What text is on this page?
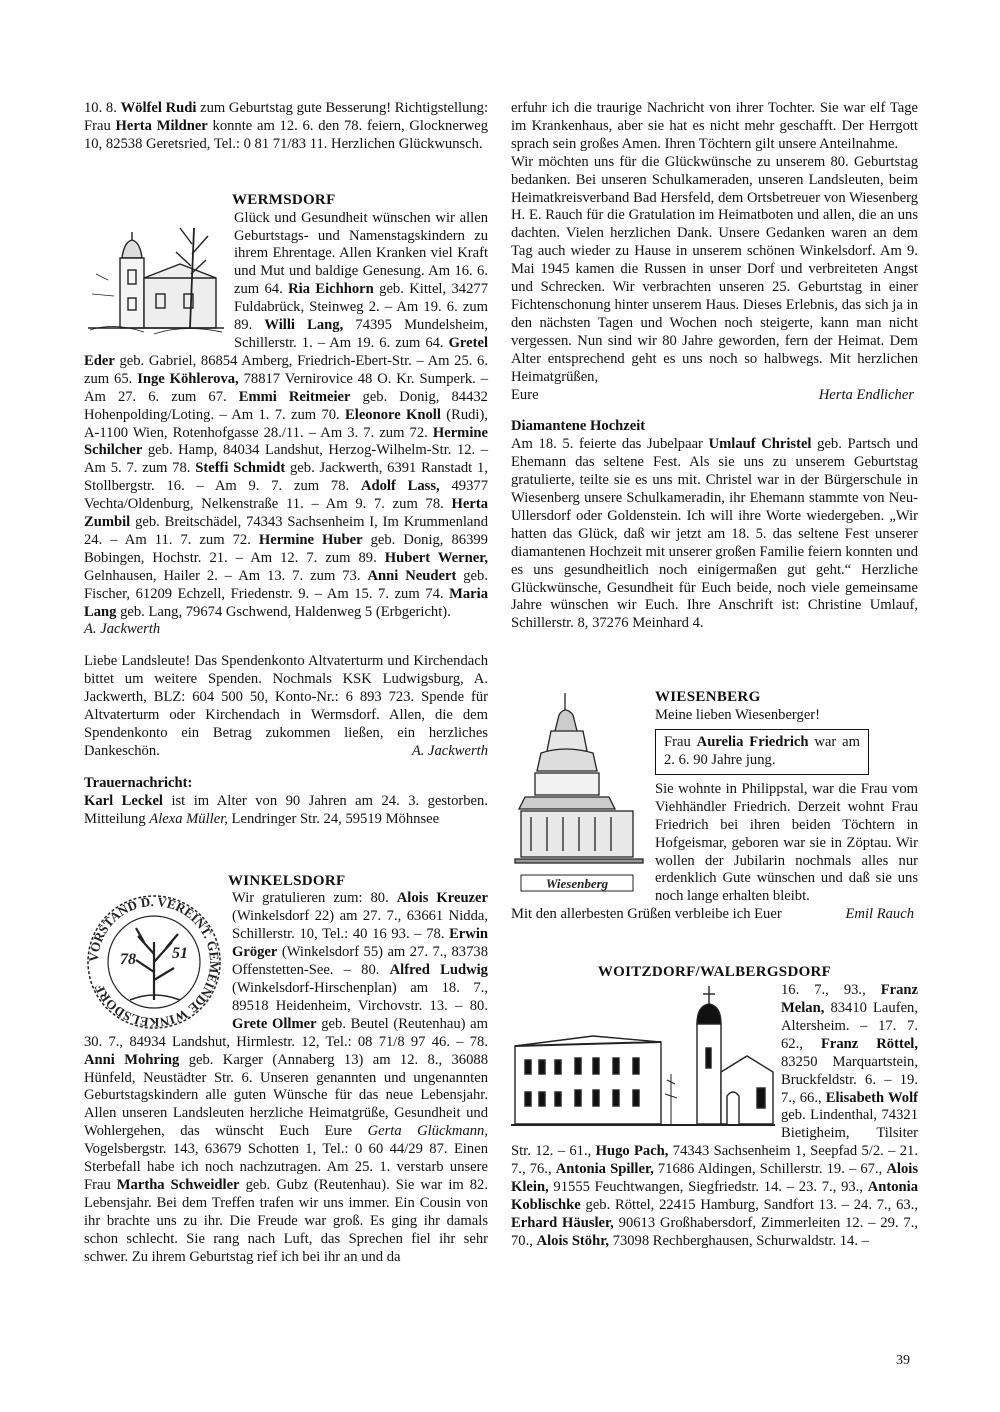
10. 8. Wölfel Rudi zum Geburtstag gute Besserung! Richtigstellung: Frau Herta Mildner konnte am 12. 6. den 78. feiern, Glocknerweg 10, 82538 Geretsried, Tel.: 0 81 71/83 11. Herzlichen Glückwunsch.

WERMSDORF

Glück und Gesundheit wünschen wir allen Geburtstags- und Namenstagskindern zu ihrem Ehrentage. Allen Kranken viel Kraft und Mut und baldige Genesung. Am 16. 6. zum 64. Ria Eichhorn geb. Kittel, 34277 Fuldabrück, Steinweg 2. – Am 19. 6. zum 89. Willi Lang, 74395 Mundelsheim, Schillerstr. 1. – Am 19. 6. zum 64. Gretel Eder geb. Gabriel, 86854 Amberg, Friedrich-Ebert-Str. – Am 25. 6. zum 65. Inge Köhlerova, 78817 Vernirovice 48 O. Kr. Sumperk. – Am 27. 6. zum 67. Emmi Reitmeier geb. Donig, 84432 Hohenpolding/Loting. – Am 1. 7. zum 70. Eleonore Knoll (Rudi), A-1100 Wien, Rotenhofgasse 28./11. – Am 3. 7. zum 72. Hermine Schilcher geb. Hamp, 84034 Landshut, Herzog-Wilhelm-Str. 12. – Am 5. 7. zum 78. Steffi Schmidt geb. Jackwerth, 6391 Ranstadt 1, Stollbergstr. 16. – Am 9. 7. zum 78. Adolf Lass, 49377 Vechta/Oldenburg, Nelkenstraße 11. – Am 9. 7. zum 78. Herta Zumbil geb. Breitschädel, 74343 Sachsenheim I, Im Krummenland 24. – Am 11. 7. zum 72. Hermine Huber geb. Donig, 86399 Bobingen, Hochstr. 21. – Am 12. 7. zum 89. Hubert Werner, Gelnhausen, Hailer 2. – Am 13. 7. zum 73. Anni Neudert geb. Fischer, 61209 Echzell, Friedenstr. 9. – Am 15. 7. zum 74. Maria Lang geb. Lang, 79674 Gschwend, Haldenweg 5 (Erbgericht).

A. Jackwerth

Liebe Landsleute! Das Spendenkonto Altvaterturm und Kirchendach bittet um weitere Spenden. Nochmals KSK Ludwigsburg, A. Jackwerth, BLZ: 604 500 50, Konto-Nr.: 6 893 723. Spende für Altvaterturm oder Kirchendach in Wermsdorf. Allen, die dem Spendenkonto ein Betrag zukommen ließen, ein herzliches Dankeschön.	A. Jackwerth

Trauernachricht:

Karl Leckel ist im Alter von 90 Jahren am 24. 3. gestorben. Mitteilung Alexa Müller, Lendringer Str. 24, 59519 Möhnsee

WINKELSDORF
VORSTAND D. VEREINT. GEMEINDE WINKELSDORF
78 51

Wir gratulieren zum: 80. Alois Kreuzer (Winkelsdorf 22) am 27. 7., 63661 Nidda, Schillerstr. 10, Tel.: 40 16 93. – 78. Erwin Gröger (Winkelsdorf 55) am 27. 7., 83738 Offenstetten-See. – 80. Alfred Ludwig (Winkelsdorf-Hirschenplan) am 18. 7., 89518 Heidenheim, Virchovstr. 13. – 80. Grete Ollmer geb. Beutel (Reutenhau) am 30. 7., 84934 Landshut, Hirmlestr. 12, Tel.: 08 71/8 97 46. – 78. Anni Mohring geb. Karger (Annaberg 13) am 12. 8., 36088 Hünfeld, Neustädter Str. 6. Unseren genannten und ungenannten Geburtstagskindern alle guten Wünsche für das neue Lebensjahr. Allen unseren Landsleuten herzliche Heimatgrüße, Gesundheit und Wohlergehen, das wünscht Euch Eure Gerta Glückmann, Vogelsbergstr. 143, 63679 Schotten 1, Tel.: 0 60 44/29 87. Einen Sterbefall habe ich noch nachzutragen. Am 25. 1. verstarb unsere Frau Martha Schweidler geb. Gubz (Reutenhau). Sie war im 82. Lebensjahr. Bei dem Treffen trafen wir uns immer. Ein Cousin von ihr brachte uns zu ihr. Die Freude war groß. Es ging ihr damals schon schlecht. Sie rang nach Luft, das Sprechen fiel ihr sehr schwer. Zu ihrem Geburtstag rief ich bei ihr an und da

erfuhr ich die traurige Nachricht von ihrer Tochter. Sie war elf Tage im Krankenhaus, aber sie hat es nicht mehr geschafft. Der Herrgott sprach sein großes Amen. Ihren Töchtern gilt unsere Anteilnahme.

Wir möchten uns für die Glückwünsche zu unserem 80. Geburtstag bedanken. Bei unseren Schulkameraden, unseren Landsleuten, beim Heimatkreisverband Bad Hersfeld, dem Ortsbetreuer von Wiesenberg H. E. Rauch für die Gratulation im Heimatboten und allen, die an uns dachten. Vielen herzlichen Dank. Unsere Gedanken waren an dem Tag auch wieder zu Hause in unserem schönen Winkelsdorf. Am 9. Mai 1945 kamen die Russen in unser Dorf und verbreiteten Angst und Schrecken. Wir verbrachten unseren 25. Geburtstag in einer Fichtenschonung hinter unserem Haus. Dieses Erlebnis, das sich ja in den nächsten Tagen und Wochen noch steigerte, kann man nicht vergessen. Nun sind wir 80 Jahre geworden, fern der Heimat. Dem Alter entsprechend geht es uns noch so halbwegs. Mit herzlichen Heimatgrüßen,

Eure	Herta Endlicher

Diamantene Hochzeit

Am 18. 5. feierte das Jubelpaar Umlauf Christel geb. Partsch und Ehemann das seltene Fest. Als sie uns zu unserem Geburtstag gratulierte, teilte sie es uns mit. Christel war in der Bürgerschule in Wiesenberg unsere Schulkameradin, ihr Ehemann stammte von Neu-Ullersdorf oder Goldenstein. Ich will ihre Worte wiedergeben. „Wir hatten das Glück, daß wir jetzt am 18. 5. das seltene Fest unserer diamantenen Hochzeit mit unserer großen Familie feiern konnten und es uns gesundheitlich noch einigermaßen gut geht.“ Herzliche Glückwünsche, Gesundheit für Euch beide, noch viele gemeinsame Jahre wünschen wir Euch. Ihre Anschrift ist: Christine Umlauf, Schillerstr. 8, 37276 Meinhard 4.

Wiesenberg
WIESENBERG
Meine lieben Wiesenberger!
Frau Aurelia Friedrich war am 2. 6. 90 Jahre jung.

Sie wohnte in Philippstal, war die Frau vom Viehhändler Friedrich. Derzeit wohnt Frau Friedrich bei ihren beiden Töchtern in Hofgeismar, geboren war sie in Zöptau. Wir wollen der Jubilarin nochmals alles nur erdenklich Gute wünschen und daß sie uns noch lange erhalten bleibt.

Mit den allerbesten Grüßen verbleibe ich Euer	Emil Rauch
WOITZDORF/WALBERGSDORF

16. 7., 93., Franz Melan, 83410 Laufen, Altersheim. – 17. 7. 62., Franz Röttel, 83250 Marquartstein, Bruckfeldstr. 6. – 19. 7., 66., Elisabeth Wolf geb. Lindenthal, 74321 Bietigheim, Tilsiter Str. 12. – 61., Hugo Pach, 74343 Sachsenheim 1, Seepfad 5/2. – 21. 7., 76., Antonia Spiller, 71686 Aldingen, Schillerstr. 19. – 67., Alois Klein, 91555 Feuchtwangen, Siegfriedstr. 14. – 23. 7., 93., Antonia Koblischke geb. Röttel, 22415 Hamburg, Sandfort 13. – 24. 7., 63., Erhard Häusler, 90613 Großhabersdorf, Zimmerleiten 12. – 29. 7., 70., Alois Stöhr, 73098 Rechberghausen, Schurwaldstr. 14. –

39
